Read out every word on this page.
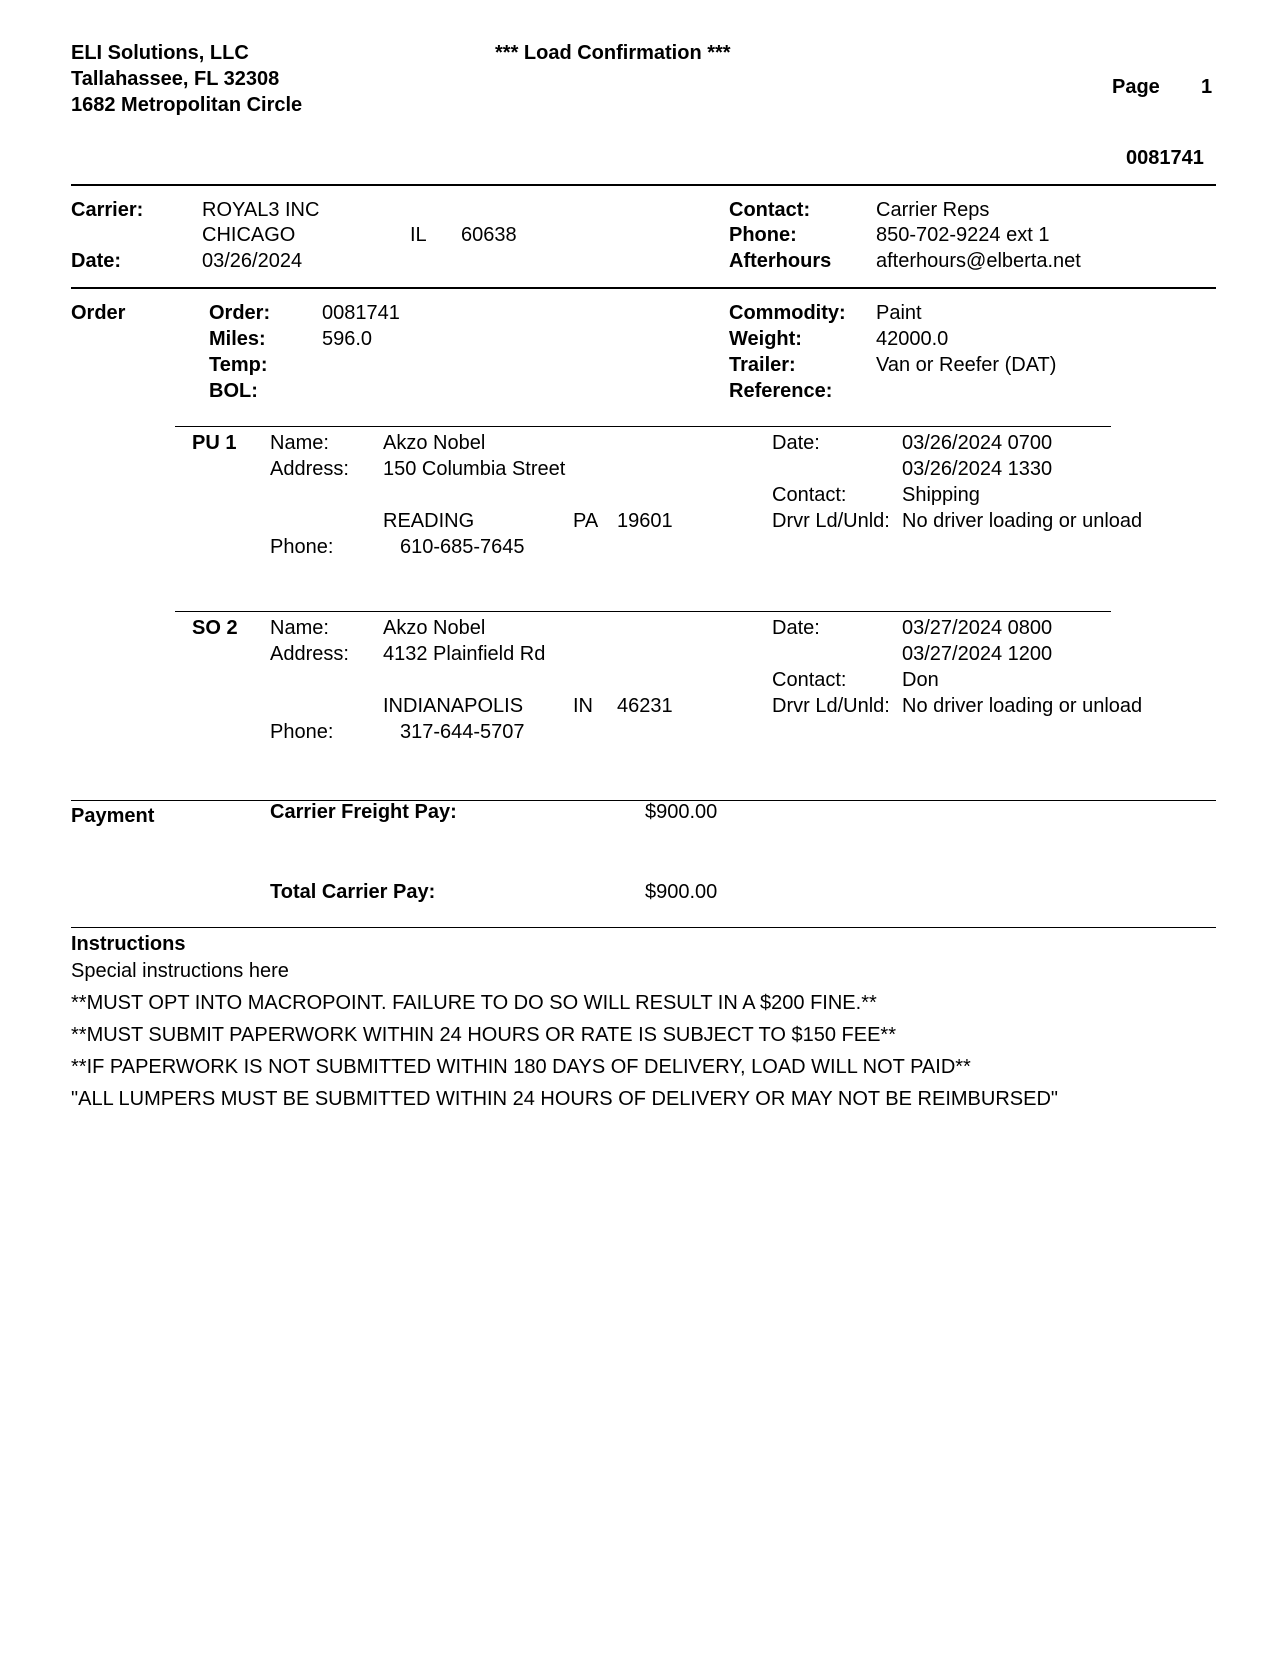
ELI Solutions, LLC
Tallahassee, FL 32308
1682 Metropolitan Circle
*** Load Confirmation ***
Page 1
0081741
Carrier:	ROYAL3 INC
CHICAGO	IL 60638
Date:	03/26/2024
Contact:	Carrier Reps
Phone:	850-702-9224 ext 1
Afterhours afterhours@elberta.net
Order	Order:	0081741
Miles:	596.0
Temp:
BOL:
Commodity: Paint
Weight:	42000.0
Trailer:	Van or Reefer (DAT)
Reference:
PU 1 Name:	Akzo Nobel
Address: 150 Columbia Street
READING	PA 19601
Phone:	610-685-7645
Date:	03/26/2024 0700
03/26/2024 1330
Contact:	Shipping
Drvr Ld/Unld: No driver loading or unload
SO 2 Name:	Akzo Nobel
Address: 4132 Plainfield Rd
INDIANAPOLIS IN 46231
Phone:	317-644-5707
Date:	03/27/2024 0800
03/27/2024 1200
Contact:	Don
Drvr Ld/Unld: No driver loading or unload
Payment	Carrier Freight Pay:	$900.00
Total Carrier Pay:	$900.00
Instructions
Special instructions here
**MUST OPT INTO MACROPOINT. FAILURE TO DO SO WILL RESULT IN A $200 FINE.**
**MUST SUBMIT PAPERWORK WITHIN 24 HOURS OR RATE IS SUBJECT TO $150 FEE**
**IF PAPERWORK IS NOT SUBMITTED WITHIN 180 DAYS OF DELIVERY, LOAD WILL NOT PAID**
"ALL LUMPERS MUST BE SUBMITTED WITHIN 24 HOURS OF DELIVERY OR MAY NOT BE REIMBURSED"
